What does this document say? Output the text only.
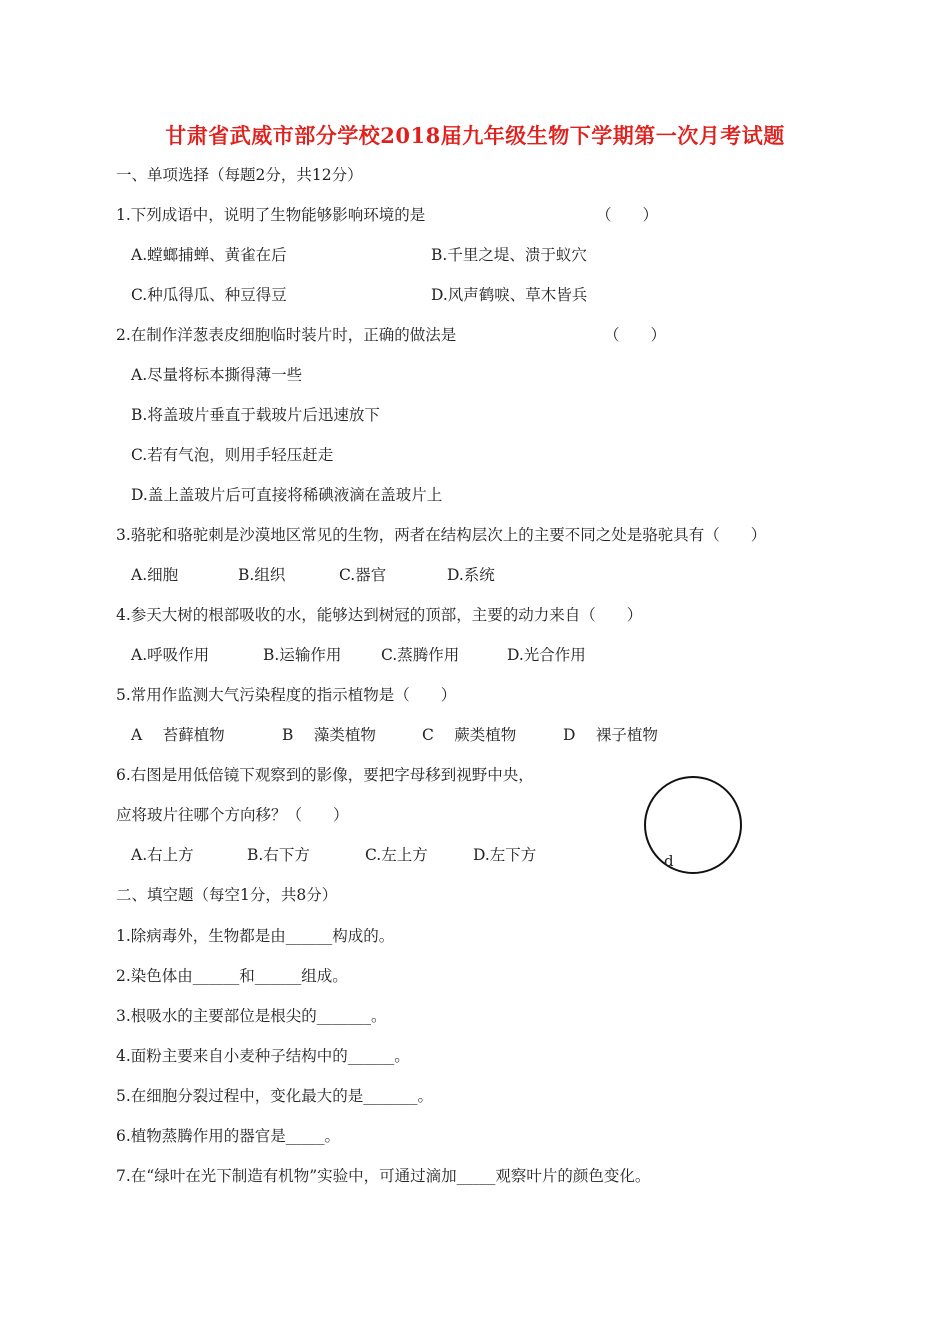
甘肃省武威市部分学校2018届九年级生物下学期第一次月考试题
一、单项选择（每题2分，共12分）
1.下列成语中，说明了生物能够影响环境的是	（　　）
A.螳螂捕蝉、黄雀在后	B.千里之堤、溃于蚁穴
C.种瓜得瓜、种豆得豆	D.风声鹤唳、草木皆兵
2.在制作洋葱表皮细胞临时装片时，正确的做法是	（　　）
A.尽量将标本撕得薄一些
B.将盖玻片垂直于载玻片后迅速放下
C.若有气泡，则用手轻压赶走
D.盖上盖玻片后可直接将稀碘液滴在盖玻片上
3.骆驼和骆驼刺是沙漠地区常见的生物，两者在结构层次上的主要不同之处是骆驼具有（　　）
A.细胞	B.组织	C.器官	D.系统
4.参天大树的根部吸收的水，能够达到树冠的顶部，主要的动力来自（　　）
A.呼吸作用	B.运输作用	C.蒸腾作用	D.光合作用
5.常用作监测大气污染程度的指示植物是（　　）
A　 苔藓植物	B　 藻类植物	C　 蕨类植物	D　 裸子植物
6.右图是用低倍镜下观察到的影像，要把字母移到视野中央，
应将玻片往哪个方向移？（　　）
d
A.右上方	B.右下方	C.左上方	D.左下方
二、填空题（每空1分，共8分）
1.除病毒外，生物都是由______构成的。
2.染色体由______和______组成。
3.根吸水的主要部位是根尖的_______。
4.面粉主要来自小麦种子结构中的______。
5.在细胞分裂过程中，变化最大的是_______。
6.植物蒸腾作用的器官是_____。
7.在“绿叶在光下制造有机物”实验中，可通过滴加_____观察叶片的颜色变化。
